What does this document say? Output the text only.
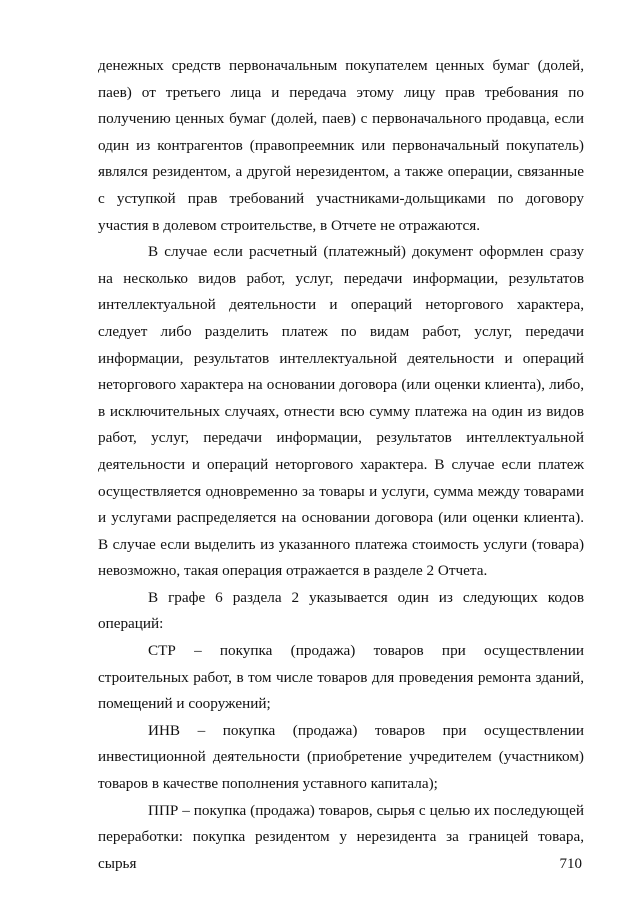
денежных средств первоначальным покупателем ценных бумаг (долей, паев) от третьего лица и передача этому лицу прав требования по получению ценных бумаг (долей, паев) с первоначального продавца, если один из контрагентов (правопреемник или первоначальный покупатель) являлся резидентом, а другой нерезидентом, а также операции, связанные с уступкой прав требований участниками-дольщиками по договору участия в долевом строительстве, в Отчете не отражаются.

В случае если расчетный (платежный) документ оформлен сразу на несколько видов работ, услуг, передачи информации, результатов интеллектуальной деятельности и операций неторгового характера, следует либо разделить платеж по видам работ, услуг, передачи информации, результатов интеллектуальной деятельности и операций неторгового характера на основании договора (или оценки клиента), либо, в исключительных случаях, отнести всю сумму платежа на один из видов работ, услуг, передачи информации, результатов интеллектуальной деятельности и операций неторгового характера. В случае если платеж осуществляется одновременно за товары и услуги, сумма между товарами и услугами распределяется на основании договора (или оценки клиента). В случае если выделить из указанного платежа стоимость услуги (товара) невозможно, такая операция отражается в разделе 2 Отчета.

В графе 6 раздела 2 указывается один из следующих кодов операций:

СТР – покупка (продажа) товаров при осуществлении строительных работ, в том числе товаров для проведения ремонта зданий, помещений и сооружений;

ИНВ – покупка (продажа) товаров при осуществлении инвестиционной деятельности (приобретение учредителем (участником) товаров в качестве пополнения уставного капитала);

ППР – покупка (продажа) товаров, сырья с целью их последующей переработки: покупка резидентом у нерезидента за границей товара, сырья	710
